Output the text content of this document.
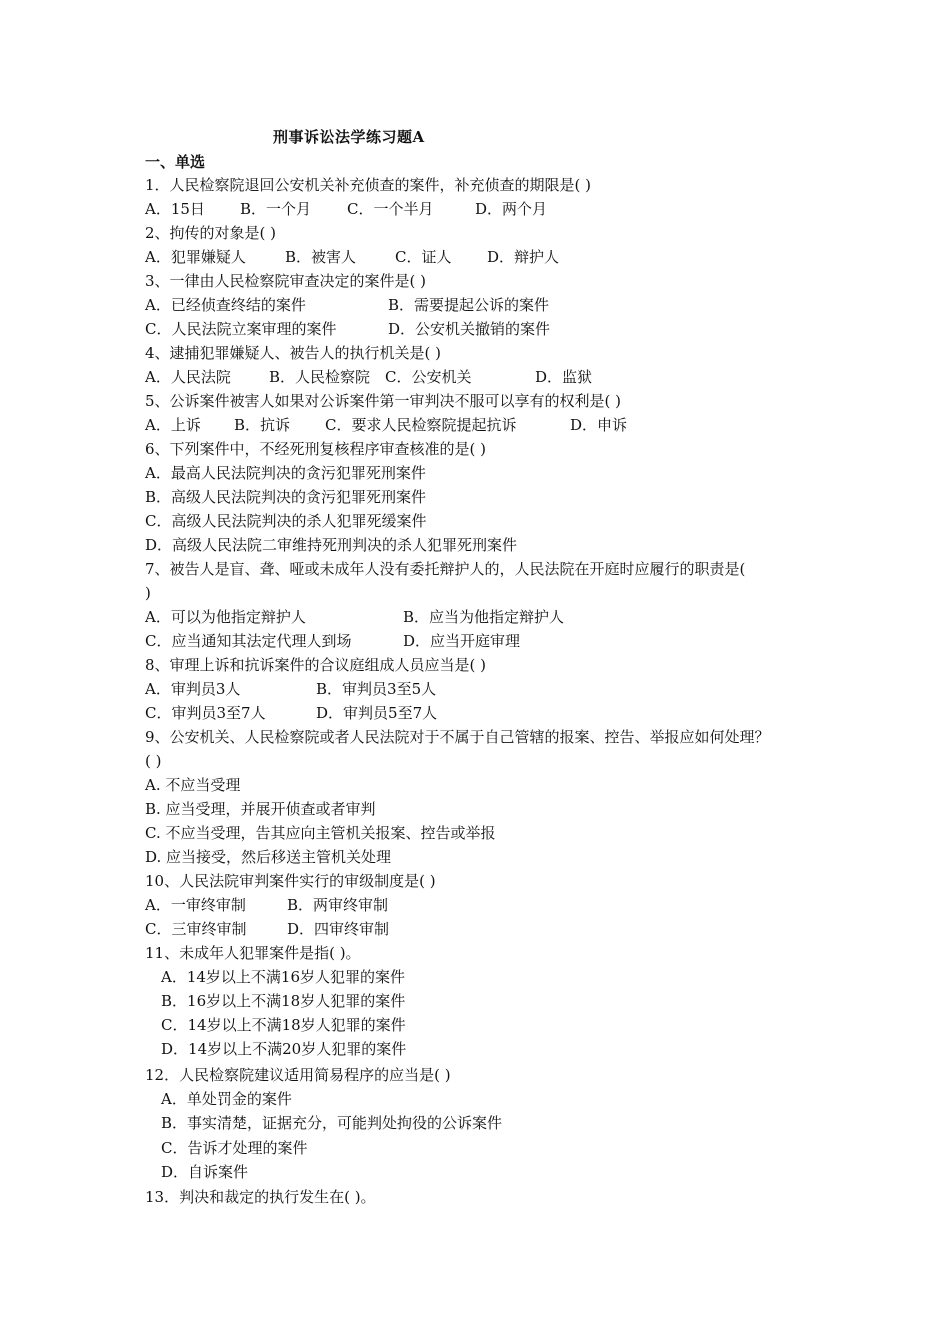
刑事诉讼法学练习题A
一、单选
1．人民检察院退回公安机关补充侦查的案件，补充侦查的期限是( )
A．15日 B．一个月 C．一个半月	D．两个月
2、拘传的对象是( )
A．犯罪嫌疑人	B．被害人	C．证人 D．辩护人
3、一律由人民检察院审查决定的案件是( )
A．已经侦查终结的案件	B．需要提起公诉的案件
C．人民法院立案审理的案件	D．公安机关撤销的案件
4、逮捕犯罪嫌疑人、被告人的执行机关是( )
A．人民法院	B．人民检察院 C．公安机关	D．监狱
5、公诉案件被害人如果对公诉案件第一审判决不服可以享有的权利是( )
A．上诉 B．抗诉 C．要求人民检察院提起抗诉	D．申诉
6、下列案件中，不经死刑复核程序审查核准的是( )
A．最高人民法院判决的贪污犯罪死刑案件
B．高级人民法院判决的贪污犯罪死刑案件
C．高级人民法院判决的杀人犯罪死缓案件
D．高级人民法院二审维持死刑判决的杀人犯罪死刑案件
7、被告人是盲、聋、哑或未成年人没有委托辩护人的，人民法院在开庭时应履行的职责是(
)
A．可以为他指定辩护人	B．应当为他指定辩护人
C．应当通知其法定代理人到场	D．应当开庭审理
8、审理上诉和抗诉案件的合议庭组成人员应当是( )
A．审判员3人	B．审判员3至5人
C．审判员3至7人	D．审判员5至7人
9、公安机关、人民检察院或者人民法院对于不属于自己管辖的报案、控告、举报应如何处理？
( )
A. 不应当受理
B. 应当受理，并展开侦查或者审判
C. 不应当受理，告其应向主管机关报案、控告或举报
D. 应当接受，然后移送主管机关处理
10、人民法院审判案件实行的审级制度是( )
A．一审终审制	B．两审终审制
C．三审终审制	D．四审终审制
11、未成年人犯罪案件是指( )。
A．14岁以上不满16岁人犯罪的案件
B．16岁以上不满18岁人犯罪的案件
C．14岁以上不满18岁人犯罪的案件
D．14岁以上不满20岁人犯罪的案件
12．人民检察院建议适用简易程序的应当是( )
A．单处罚金的案件
B．事实清楚，证据充分，可能判处拘役的公诉案件
C．告诉才处理的案件
D．自诉案件
13．判决和裁定的执行发生在( )。
